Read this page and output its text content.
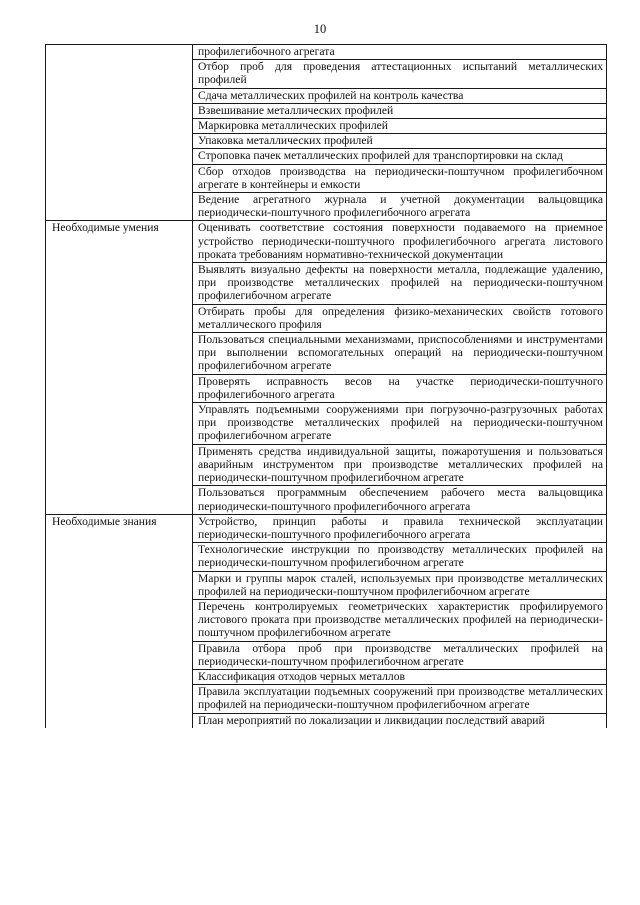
10
	профилегибочного агрегата
	Отбор проб для проведения аттестационных испытаний металлических профилей
	Сдача металлических профилей на контроль качества
	Взвешивание металлических профилей
	Маркировка металлических профилей
	Упаковка металлических профилей
	Строповка пачек металлических профилей для транспортировки на склад
	Сбор отходов производства на периодически-поштучном профилегибочном агрегате в контейнеры и емкости
	Ведение агрегатного журнала и учетной документации вальцовщика периодически-поштучного профилегибочного агрегата
Необходимые умения	Оценивать соответствие состояния поверхности подаваемого на приемное устройство периодически-поштучного профилегибочного агрегата листового проката требованиям нормативно-технической документации
	Выявлять визуально дефекты на поверхности металла, подлежащие удалению, при производстве металлических профилей на периодически-поштучном профилегибочном агрегате
	Отбирать пробы для определения физико-механических свойств готового металлического профиля
	Пользоваться специальными механизмами, приспособлениями и инструментами при выполнении вспомогательных операций на периодически-поштучном профилегибочном агрегате
	Проверять исправность весов на участке периодически-поштучного профилегибочного агрегата
	Управлять подъемными сооружениями при погрузочно-разгрузочных работах при производстве металлических профилей на периодически-поштучном профилегибочном агрегате
	Применять средства индивидуальной защиты, пожаротушения и пользоваться аварийным инструментом при производстве металлических профилей на периодически-поштучном профилегибочном агрегате
	Пользоваться программным обеспечением рабочего места вальцовщика периодически-поштучного профилегибочного агрегата
Необходимые знания	Устройство, принцип работы и правила технической эксплуатации периодически-поштучного профилегибочного агрегата
	Технологические инструкции по производству металлических профилей на периодически-поштучном профилегибочном агрегате
	Марки и группы марок сталей, используемых при производстве металлических профилей на периодически-поштучном профилегибочном агрегате
	Перечень контролируемых геометрических характеристик профилируемого листового проката при производстве металлических профилей на периодически-поштучном профилегибочном агрегате
	Правила отбора проб при производстве металлических профилей на периодически-поштучном профилегибочном агрегате
	Классификация отходов черных металлов
	Правила эксплуатации подъемных сооружений при производстве металлических профилей на периодически-поштучном профилегибочном агрегате
	План мероприятий по локализации и ликвидации последствий аварий
